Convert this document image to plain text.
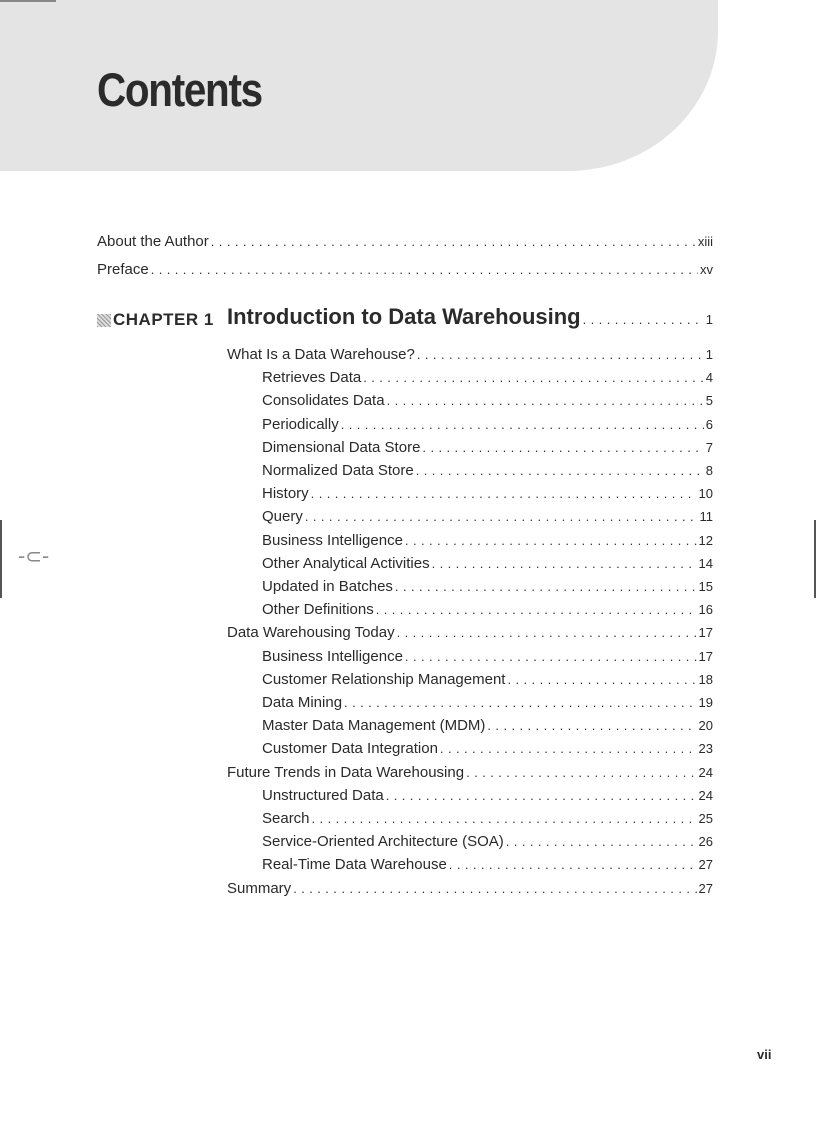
Contents
About the Author . . .	xiii
Preface . . .	xv
CHAPTER 1 Introduction to Data Warehousing . . .	1
What Is a Data Warehouse? . . .	1
Retrieves Data . . .	4
Consolidates Data . . .	5
Periodically . . .	6
Dimensional Data Store . . .	7
Normalized Data Store . . .	8
History . . .	10
Query . . .	11
Business Intelligence . . .	12
Other Analytical Activities . . .	14
Updated in Batches . . .	15
Other Definitions . . .	16
Data Warehousing Today . . .	17
Business Intelligence . . .	17
Customer Relationship Management . . .	18
Data Mining . . .	19
Master Data Management (MDM) . . .	20
Customer Data Integration . . .	23
Future Trends in Data Warehousing . . .	24
Unstructured Data . . .	24
Search . . .	25
Service-Oriented Architecture (SOA) . . .	26
Real-Time Data Warehouse . . .	27
Summary . . .	27
-⊂-
vii
